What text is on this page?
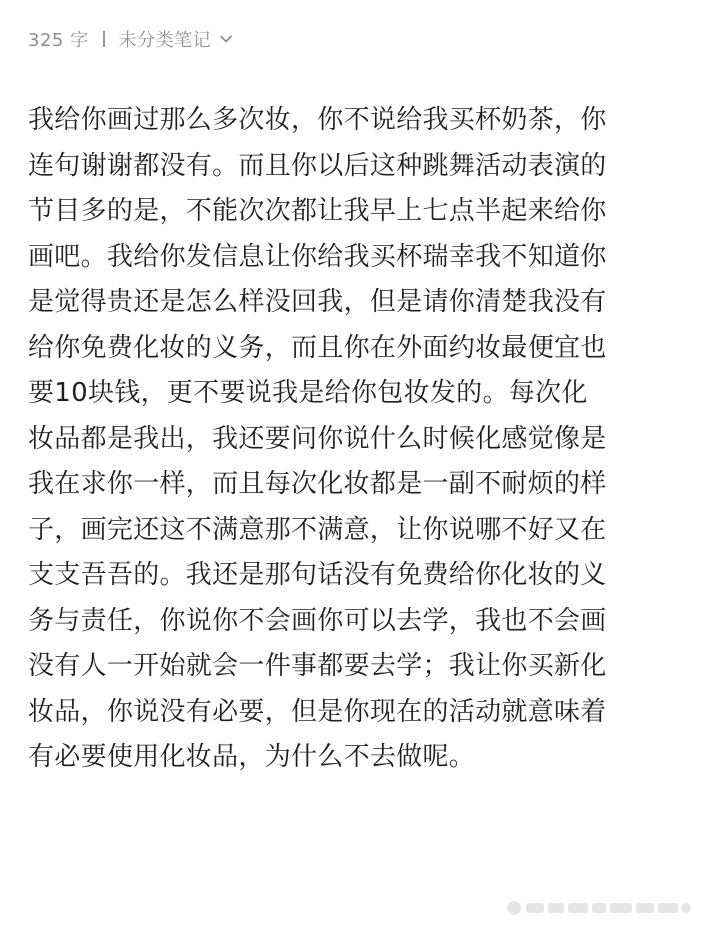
325 字 未分类笔记
我给你画过那么多次妆，你不说给我买杯奶茶，你
连句谢谢都没有。而且你以后这种跳舞活动表演的
节目多的是，不能次次都让我早上七点半起来给你
画吧。我给你发信息让你给我买杯瑞幸我不知道你
是觉得贵还是怎么样没回我，但是请你清楚我没有
给你免费化妆的义务，而且你在外面约妆最便宜也
要10块钱，更不要说我是给你包妆发的。每次化
妆品都是我出，我还要问你说什么时候化感觉像是
我在求你一样，而且每次化妆都是一副不耐烦的样
子，画完还这不满意那不满意，让你说哪不好又在
支支吾吾的。我还是那句话没有免费给你化妆的义
务与责任，你说你不会画你可以去学，我也不会画
没有人一开始就会一件事都要去学；我让你买新化
妆品，你说没有必要，但是你现在的活动就意味着
有必要使用化妆品，为什么不去做呢。
